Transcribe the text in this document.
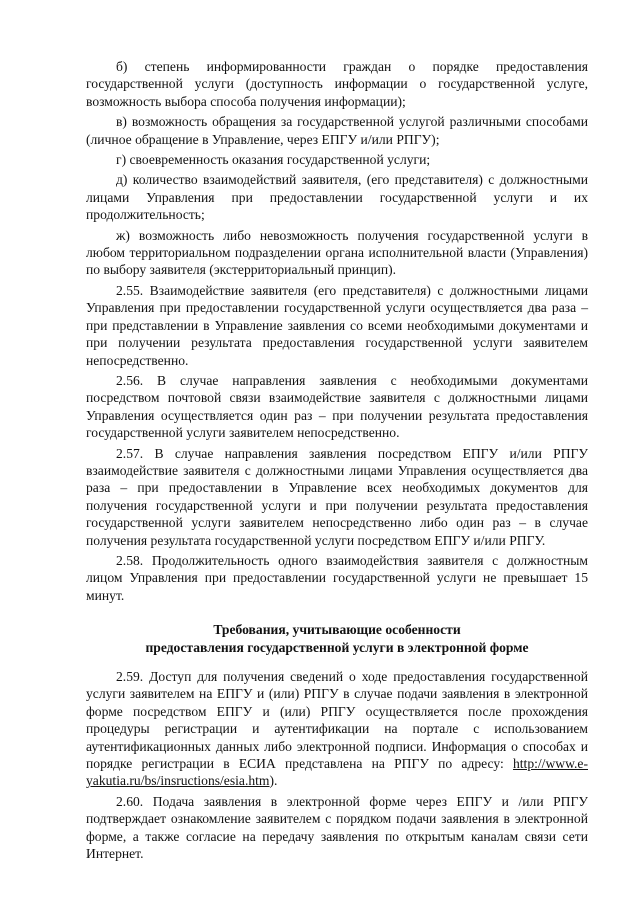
б) степень информированности граждан о порядке предоставления государственной услуги (доступность информации о государственной услуге, возможность выбора способа получения информации);

в) возможность обращения за государственной услугой различными способами (личное обращение в Управление, через ЕПГУ и/или РПГУ);

г) своевременность оказания государственной услуги;

д) количество взаимодействий заявителя, (его представителя) с должностными лицами Управления при предоставлении государственной услуги и их продолжительность;

ж) возможность либо невозможность получения государственной услуги в любом территориальном подразделении органа исполнительной власти (Управления) по выбору заявителя (экстерриториальный принцип).

2.55. Взаимодействие заявителя (его представителя) с должностными лицами Управления при предоставлении государственной услуги осуществляется два раза – при представлении в Управление заявления со всеми необходимыми документами и при получении результата предоставления государственной услуги заявителем непосредственно.

2.56. В случае направления заявления с необходимыми документами посредством почтовой связи взаимодействие заявителя с должностными лицами Управления осуществляется один раз – при получении результата предоставления государственной услуги заявителем непосредственно.

2.57. В случае направления заявления посредством ЕПГУ и/или РПГУ взаимодействие заявителя с должностными лицами Управления осуществляется два раза – при предоставлении в Управление всех необходимых документов для получения государственной услуги и при получении результата предоставления государственной услуги заявителем непосредственно либо один раз – в случае получения результата государственной услуги посредством ЕПГУ и/или РПГУ.

2.58. Продолжительность одного взаимодействия заявителя с должностным лицом Управления при предоставлении государственной услуги не превышает 15 минут.

Требования, учитывающие особенности
предоставления государственной услуги в электронной форме

2.59. Доступ для получения сведений о ходе предоставления государственной услуги заявителем на ЕПГУ и (или) РПГУ в случае подачи заявления в электронной форме посредством ЕПГУ и (или) РПГУ осуществляется после прохождения процедуры регистрации и аутентификации на портале с использованием аутентификационных данных либо электронной подписи. Информация о способах и порядке регистрации в ЕСИА представлена на РПГУ по адресу: http://www.e-yakutia.ru/bs/insructions/esia.htm).

2.60. Подача заявления в электронной форме через ЕПГУ и /или РПГУ подтверждает ознакомление заявителем с порядком подачи заявления в электронной форме, а также согласие на передачу заявления по открытым каналам связи сети Интернет.
